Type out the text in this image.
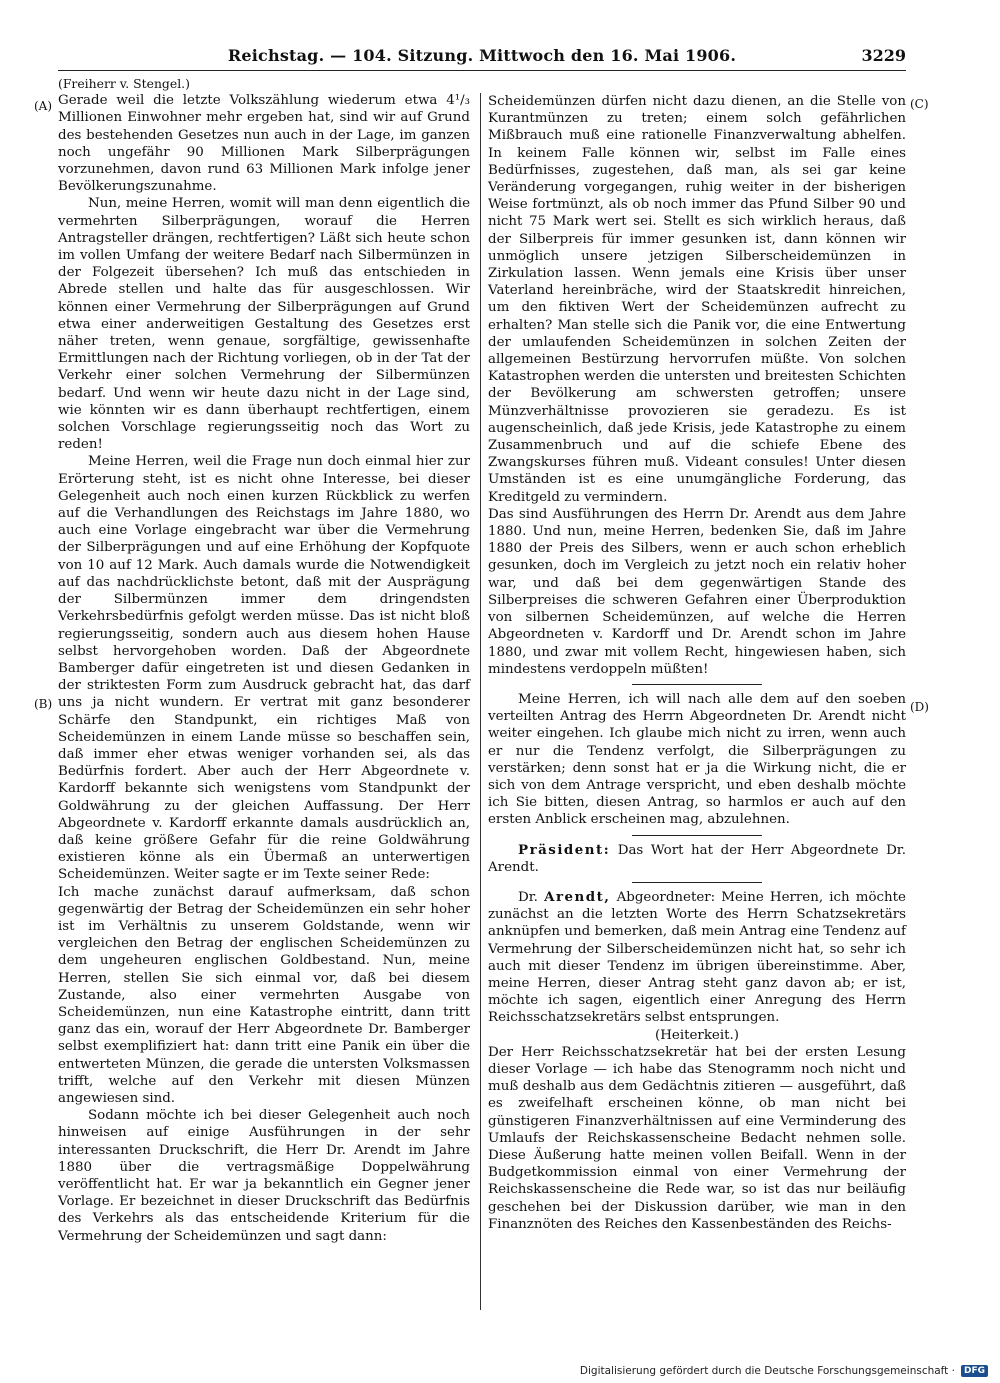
Reichstag. — 104. Sitzung. Mittwoch den 16. Mai 1906.	3229
(A)
(B)
(C)
(D)

(Freiherr v. Stengel.)

Gerade weil die letzte Volkszählung wiederum etwa 4¹/₃ Millionen Einwohner mehr ergeben hat, sind wir auf Grund des bestehenden Gesetzes nun auch in der Lage, im ganzen noch ungefähr 90 Millionen Mark Silberprägungen vorzunehmen, davon rund 63 Millionen Mark infolge jener Bevölkerungszunahme.

Nun, meine Herren, womit will man denn eigentlich die vermehrten Silberprägungen, worauf die Herren Antragsteller drängen, rechtfertigen? Läßt sich heute schon im vollen Umfang der weitere Bedarf nach Silbermünzen in der Folgezeit übersehen? Ich muß das entschieden in Abrede stellen und halte das für ausgeschlossen. Wir können einer Vermehrung der Silberprägungen auf Grund etwa einer anderweitigen Gestaltung des Gesetzes erst näher treten, wenn genaue, sorgfältige, gewissenhafte Ermittlungen nach der Richtung vorliegen, ob in der Tat der Verkehr einer solchen Vermehrung der Silbermünzen bedarf. Und wenn wir heute dazu nicht in der Lage sind, wie könnten wir es dann überhaupt rechtfertigen, einem solchen Vorschlage regierungsseitig noch das Wort zu reden!

Meine Herren, weil die Frage nun doch einmal hier zur Erörterung steht, ist es nicht ohne Interesse, bei dieser Gelegenheit auch noch einen kurzen Rückblick zu werfen auf die Verhandlungen des Reichstags im Jahre 1880, wo auch eine Vorlage eingebracht war über die Vermehrung der Silberprägungen und auf eine Erhöhung der Kopfquote von 10 auf 12 Mark. Auch damals wurde die Notwendigkeit auf das nachdrücklichste betont, daß mit der Ausprägung der Silbermünzen immer dem dringendsten Verkehrsbedürfnis gefolgt werden müsse. Das ist nicht bloß regierungsseitig, sondern auch aus diesem hohen Hause selbst hervorgehoben worden. Daß der Abgeordnete Bamberger dafür eingetreten ist und diesen Gedanken in der striktesten Form zum Ausdruck gebracht hat, das darf uns ja nicht wundern. Er vertrat mit ganz besonderer Schärfe den Standpunkt, ein richtiges Maß von Scheidemünzen in einem Lande müsse so beschaffen sein, daß immer eher etwas weniger vorhanden sei, als das Bedürfnis fordert. Aber auch der Herr Abgeordnete v. Kardorff bekannte sich wenigstens vom Standpunkt der Goldwährung zu der gleichen Auffassung. Der Herr Abgeordnete v. Kardorff erkannte damals ausdrücklich an, daß keine größere Gefahr für die reine Goldwährung existieren könne als ein Übermaß an unterwertigen Scheidemünzen. Weiter sagte er im Texte seiner Rede:

Ich mache zunächst darauf aufmerksam, daß schon gegenwärtig der Betrag der Scheidemünzen ein sehr hoher ist im Verhältnis zu unserem Goldstande, wenn wir vergleichen den Betrag der englischen Scheidemünzen zu dem ungeheuren englischen Goldbestand. Nun, meine Herren, stellen Sie sich einmal vor, daß bei diesem Zustande, also einer vermehrten Ausgabe von Scheidemünzen, nun eine Katastrophe eintritt, dann tritt ganz das ein, worauf der Herr Abgeordnete Dr. Bamberger selbst exemplifiziert hat: dann tritt eine Panik ein über die entwerteten Münzen, die gerade die untersten Volksmassen trifft, welche auf den Verkehr mit diesen Münzen angewiesen sind.

Sodann möchte ich bei dieser Gelegenheit auch noch hinweisen auf einige Ausführungen in der sehr interessanten Druckschrift, die Herr Dr. Arendt im Jahre 1880 über die vertragsmäßige Doppelwährung veröffentlicht hat. Er war ja bekanntlich ein Gegner jener Vorlage. Er bezeichnet in dieser Druckschrift das Bedürfnis des Verkehrs als das entscheidende Kriterium für die Vermehrung der Scheidemünzen und sagt dann:

Scheidemünzen dürfen nicht dazu dienen, an die Stelle von Kurantmünzen zu treten; einem solch gefährlichen Mißbrauch muß eine rationelle Finanzverwaltung abhelfen. In keinem Falle können wir, selbst im Falle eines Bedürfnisses, zugestehen, daß man, als sei gar keine Veränderung vorgegangen, ruhig weiter in der bisherigen Weise fortmünzt, als ob noch immer das Pfund Silber 90 und nicht 75 Mark wert sei. Stellt es sich wirklich heraus, daß der Silberpreis für immer gesunken ist, dann können wir unmöglich unsere jetzigen Silberscheidemünzen in Zirkulation lassen. Wenn jemals eine Krisis über unser Vaterland hereinbräche, wird der Staatskredit hinreichen, um den fiktiven Wert der Scheidemünzen aufrecht zu erhalten? Man stelle sich die Panik vor, die eine Entwertung der umlaufenden Scheidemünzen in solchen Zeiten der allgemeinen Bestürzung hervorrufen müßte. Von solchen Katastrophen werden die untersten und breitesten Schichten der Bevölkerung am schwersten getroffen; unsere Münzverhältnisse provozieren sie geradezu. Es ist augenscheinlich, daß jede Krisis, jede Katastrophe zu einem Zusammenbruch und auf die schiefe Ebene des Zwangskurses führen muß. Videant consules! Unter diesen Umständen ist es eine unumgängliche Forderung, das Kreditgeld zu vermindern.

Das sind Ausführungen des Herrn Dr. Arendt aus dem Jahre 1880. Und nun, meine Herren, bedenken Sie, daß im Jahre 1880 der Preis des Silbers, wenn er auch schon erheblich gesunken, doch im Vergleich zu jetzt noch ein relativ hoher war, und daß bei dem gegenwärtigen Stande des Silberpreises die schweren Gefahren einer Überproduktion von silbernen Scheidemünzen, auf welche die Herren Abgeordneten v. Kardorff und Dr. Arendt schon im Jahre 1880, und zwar mit vollem Recht, hingewiesen haben, sich mindestens verdoppeln müßten!

Meine Herren, ich will nach alle dem auf den soeben verteilten Antrag des Herrn Abgeordneten Dr. Arendt nicht weiter eingehen. Ich glaube mich nicht zu irren, wenn auch er nur die Tendenz verfolgt, die Silberprägungen zu verstärken; denn sonst hat er ja die Wirkung nicht, die er sich von dem Antrage verspricht, und eben deshalb möchte ich Sie bitten, diesen Antrag, so harmlos er auch auf den ersten Anblick erscheinen mag, abzulehnen.

Präsident: Das Wort hat der Herr Abgeordnete Dr. Arendt.

Dr. Arendt, Abgeordneter: Meine Herren, ich möchte zunächst an die letzten Worte des Herrn Schatzsekretärs anknüpfen und bemerken, daß mein Antrag eine Tendenz auf Vermehrung der Silberscheidemünzen nicht hat, so sehr ich auch mit dieser Tendenz im übrigen übereinstimme. Aber, meine Herren, dieser Antrag steht ganz davon ab; er ist, möchte ich sagen, eigentlich einer Anregung des Herrn Reichsschatzsekretärs selbst entsprungen.

(Heiterkeit.)

Der Herr Reichsschatzsekretär hat bei der ersten Lesung dieser Vorlage — ich habe das Stenogramm noch nicht und muß deshalb aus dem Gedächtnis zitieren — ausgeführt, daß es zweifelhaft erscheinen könne, ob man nicht bei günstigeren Finanzverhältnissen auf eine Verminderung des Umlaufs der Reichskassenscheine Bedacht nehmen solle. Diese Äußerung hatte meinen vollen Beifall. Wenn in der Budgetkommission einmal von einer Vermehrung der Reichskassenscheine die Rede war, so ist das nur beiläufig geschehen bei der Diskussion darüber, wie man in den Finanznöten des Reiches den Kassenbeständen des Reichs-

Digitalisierung gefördert durch die Deutsche Forschungsgemeinschaft ·	DFG
